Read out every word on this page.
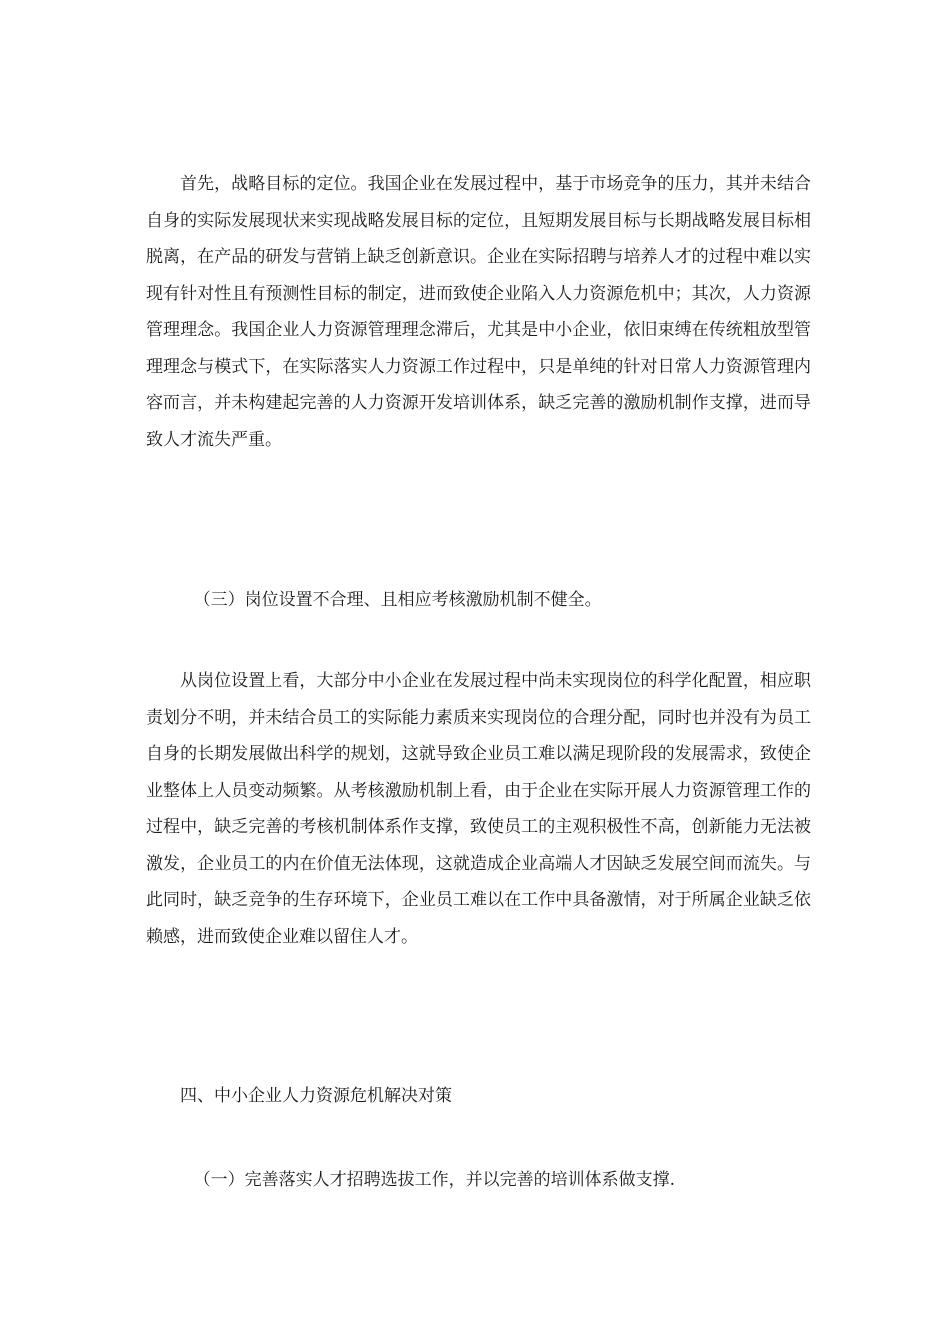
首先，战略目标的定位。我国企业在发展过程中，基于市场竞争的压力，其并未结合自身的实际发展现状来实现战略发展目标的定位，且短期发展目标与长期战略发展目标相脱离，在产品的研发与营销上缺乏创新意识。企业在实际招聘与培养人才的过程中难以实现有针对性且有预测性目标的制定，进而致使企业陷入人力资源危机中；其次，人力资源管理理念。我国企业人力资源管理理念滞后，尤其是中小企业，依旧束缚在传统粗放型管理理念与模式下，在实际落实人力资源工作过程中，只是单纯的针对日常人力资源管理内容而言，并未构建起完善的人力资源开发培训体系，缺乏完善的激励机制作支撑，进而导致人才流失严重。

（三）岗位设置不合理、且相应考核激励机制不健全。

从岗位设置上看，大部分中小企业在发展过程中尚未实现岗位的科学化配置，相应职责划分不明，并未结合员工的实际能力素质来实现岗位的合理分配，同时也并没有为员工自身的长期发展做出科学的规划，这就导致企业员工难以满足现阶段的发展需求，致使企业整体上人员变动频繁。从考核激励机制上看，由于企业在实际开展人力资源管理工作的过程中，缺乏完善的考核机制体系作支撑，致使员工的主观积极性不高，创新能力无法被激发，企业员工的内在价值无法体现，这就造成企业高端人才因缺乏发展空间而流失。与此同时，缺乏竞争的生存环境下，企业员工难以在工作中具备激情，对于所属企业缺乏依赖感，进而致使企业难以留住人才。

四、中小企业人力资源危机解决对策

（一）完善落实人才招聘选拔工作，并以完善的培训体系做支撑.
